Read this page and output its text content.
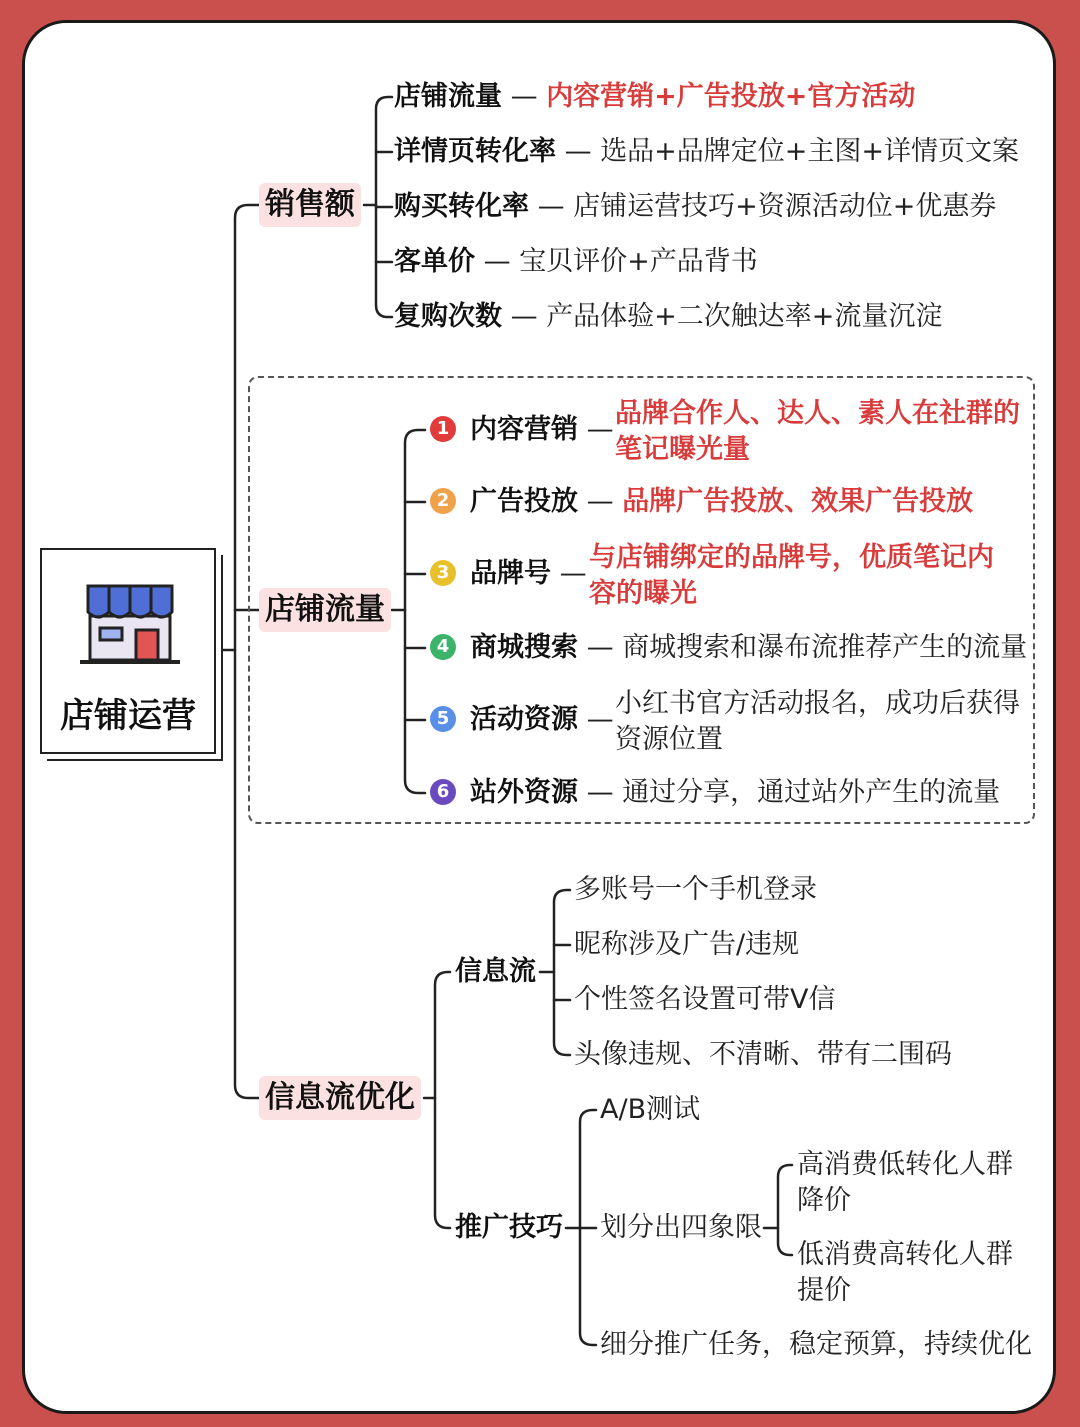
店铺运营
销售额
店铺流量
信息流优化
店铺流量 — 内容营销+广告投放+官方活动
详情页转化率 — 选品+品牌定位+主图+详情页文案
购买转化率 — 店铺运营技巧+资源活动位+优惠券
客单价 — 宝贝评价+产品背书
复购次数 — 产品体验+二次触达率+流量沉淀
1 内容营销 —
品牌合作人、达人、素人在社群的笔记曝光量
2 广告投放 — 品牌广告投放、效果广告投放
3 品牌号 —
与店铺绑定的品牌号，优质笔记内容的曝光
4 商城搜索 — 商城搜索和瀑布流推荐产生的流量
5 活动资源 —
小红书官方活动报名，成功后获得资源位置
6 站外资源 — 通过分享，通过站外产生的流量
信息流
多账号一个手机登录
昵称涉及广告/违规
个性签名设置可带V信
头像违规、不清晰、带有二围码
推广技巧
A/B测试
划分出四象限
高消费低转化人群降价
低消费高转化人群提价
细分推广任务，稳定预算，持续优化
